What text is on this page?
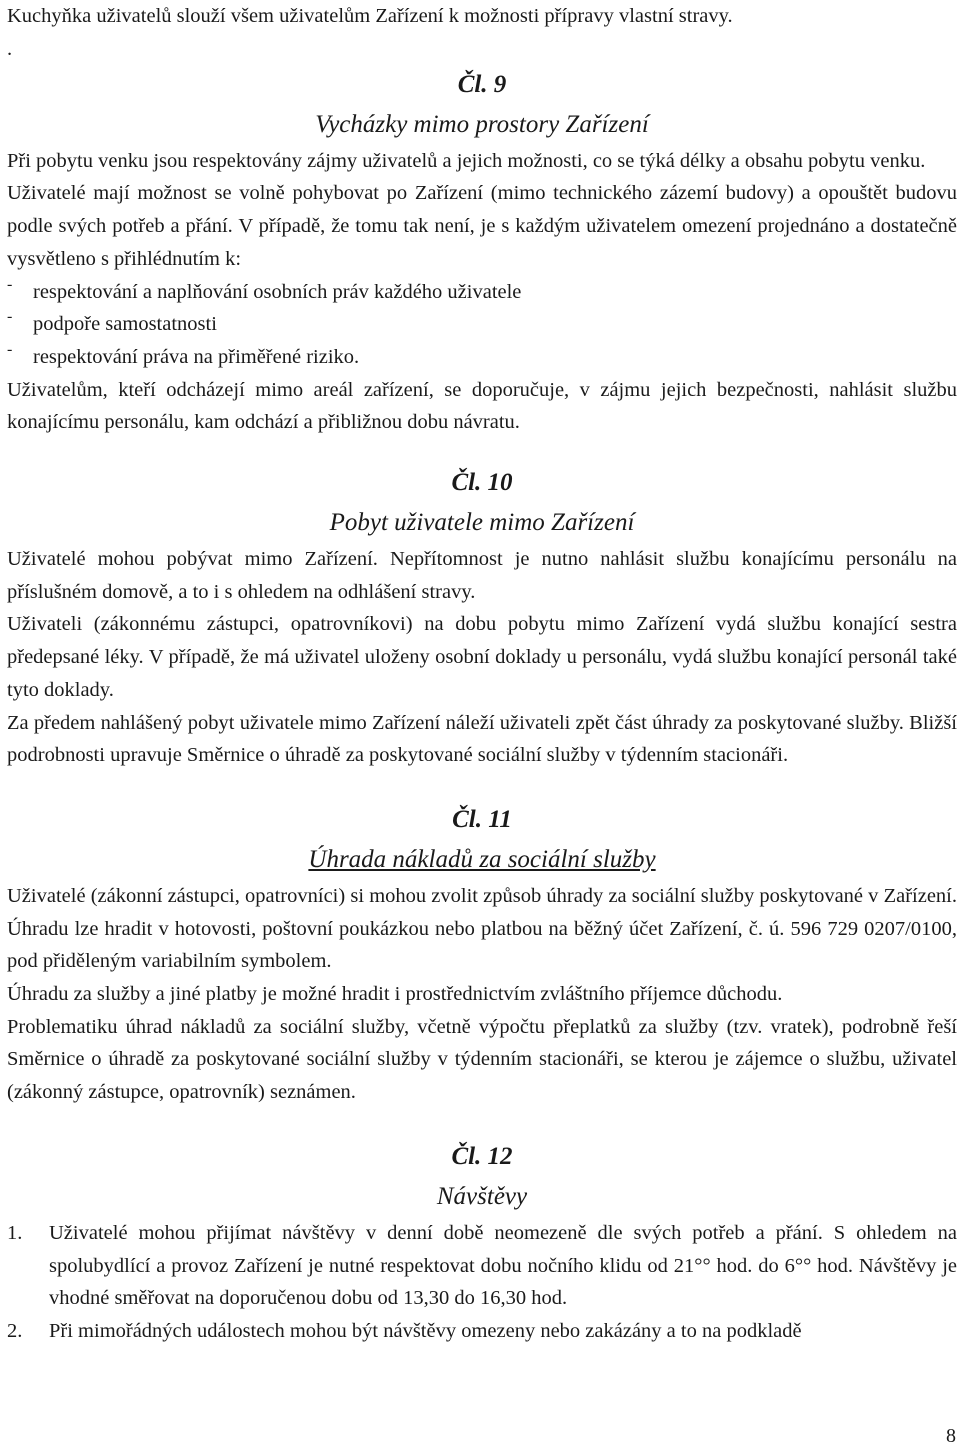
Kuchyňka uživatelů slouží všem uživatelům Zařízení k možnosti přípravy vlastní stravy.

.

Čl. 9
Vycházky mimo prostory Zařízení

Při pobytu venku jsou respektovány zájmy uživatelů a jejich možnosti, co se týká délky a obsahu pobytu venku.

Uživatelé mají možnost se volně pohybovat po Zařízení (mimo technického zázemí budovy) a opouštět budovu podle svých potřeb a přání. V případě, že tomu tak není, je s každým uživatelem omezení projednáno a dostatečně vysvětleno s přihlédnutím k:

-	respektování a naplňování osobních práv každého uživatele

-	podpoře samostatnosti

-	respektování práva na přiměřené riziko.

Uživatelům, kteří odcházejí mimo areál zařízení, se doporučuje, v zájmu jejich bezpečnosti, nahlásit službu konajícímu personálu, kam odchází a přibližnou dobu návratu.

Čl. 10
Pobyt uživatele mimo Zařízení

Uživatelé mohou pobývat mimo Zařízení. Nepřítomnost je nutno nahlásit službu konajícímu personálu na příslušném domově, a to i s ohledem na odhlášení stravy.

Uživateli (zákonnému zástupci, opatrovníkovi) na dobu pobytu mimo Zařízení vydá službu konající sestra předepsané léky. V případě, že má uživatel uloženy osobní doklady u personálu, vydá službu konající personál také tyto doklady.

Za předem nahlášený pobyt uživatele mimo Zařízení náleží uživateli zpět část úhrady za poskytované služby. Bližší podrobnosti upravuje Směrnice o úhradě za poskytované sociální služby v týdenním stacionáři.

Čl. 11
Úhrada nákladů za sociální služby

Uživatelé (zákonní zástupci, opatrovníci) si mohou zvolit způsob úhrady za sociální služby poskytované v Zařízení. Úhradu lze hradit v hotovosti, poštovní poukázkou nebo platbou na běžný účet Zařízení, č. ú. 596 729 0207/0100, pod přiděleným variabilním symbolem.

Úhradu za služby a jiné platby je možné hradit i prostřednictvím zvláštního příjemce důchodu.

Problematiku úhrad nákladů za sociální služby, včetně výpočtu přeplatků za služby (tzv. vratek), podrobně řeší Směrnice o úhradě za poskytované sociální služby v týdenním stacionáři, se kterou je zájemce o službu, uživatel (zákonný zástupce, opatrovník) seznámen.

Čl. 12
Návštěvy
1.	Uživatelé mohou přijímat návštěvy v denní době neomezeně dle svých potřeb a přání. S ohledem na spolubydlící a provoz Zařízení je nutné respektovat dobu nočního klidu od 21°° hod. do 6°° hod. Návštěvy je vhodné směřovat na doporučenou dobu od 13,30 do 16,30 hod.
2.	Při mimořádných událostech mohou být návštěvy omezeny nebo zakázány a to na podkladě
8
